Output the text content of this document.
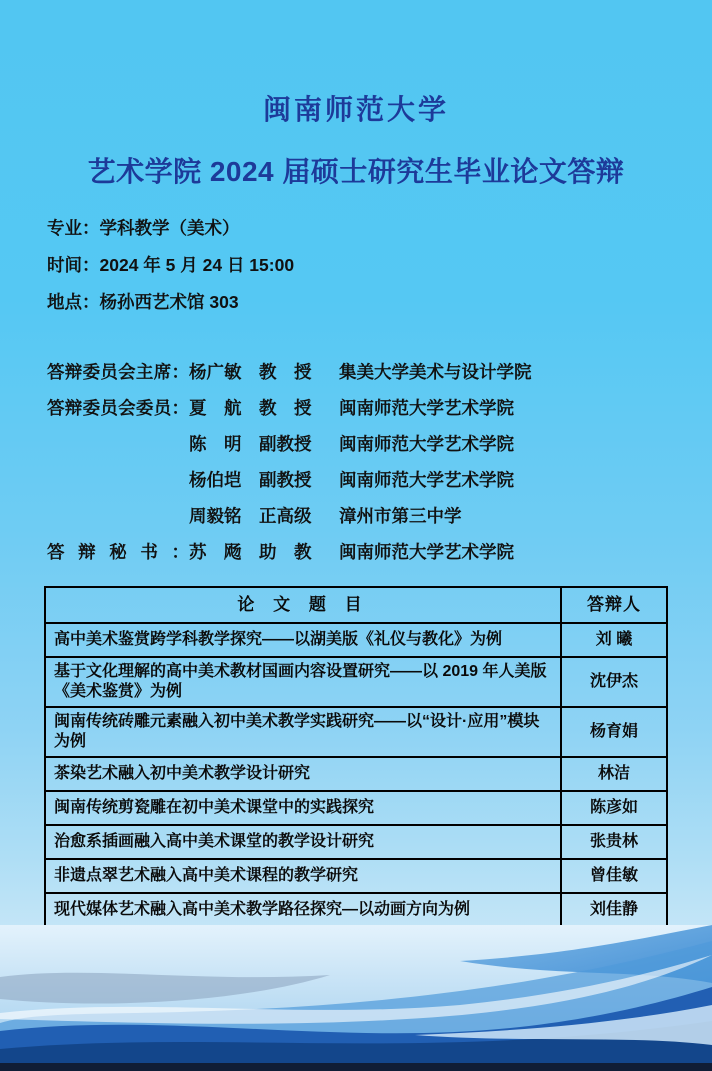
闽南师范大学
艺术学院 2024 届硕士研究生毕业论文答辩
专业：学科教学（美术）
时间：2024 年 5 月 24 日 15:00
地点：杨孙西艺术馆 303
答辩委员会主席： 杨广敏	教　授	集美大学美术与设计学院
答辩委员会委员： 夏　航	教　授	闽南师范大学艺术学院
陈　明	副教授	闽南师范大学艺术学院
杨伯垲	副教授	闽南师范大学艺术学院
周毅铭	正高级	漳州市第三中学
答辩秘书： 苏　飏	助　教	闽南师范大学艺术学院
论 文 题 目	答辩人
高中美术鉴赏跨学科教学探究——以湖美版《礼仪与教化》为例	刘 曦
基于文化理解的高中美术教材国画内容设置研究——以 2019 年人美版《美术鉴赏》为例	沈伊杰
闽南传统砖雕元素融入初中美术教学实践研究——以“设计·应用”模块为例	杨育娟
茶染艺术融入初中美术教学设计研究	林洁
闽南传统剪瓷雕在初中美术课堂中的实践探究	陈彦如
治愈系插画融入高中美术课堂的教学设计研究	张贵林
非遗点翠艺术融入高中美术课程的教学研究	曾佳敏
现代媒体艺术融入高中美术教学路径探究—以动画方向为例	刘佳静
